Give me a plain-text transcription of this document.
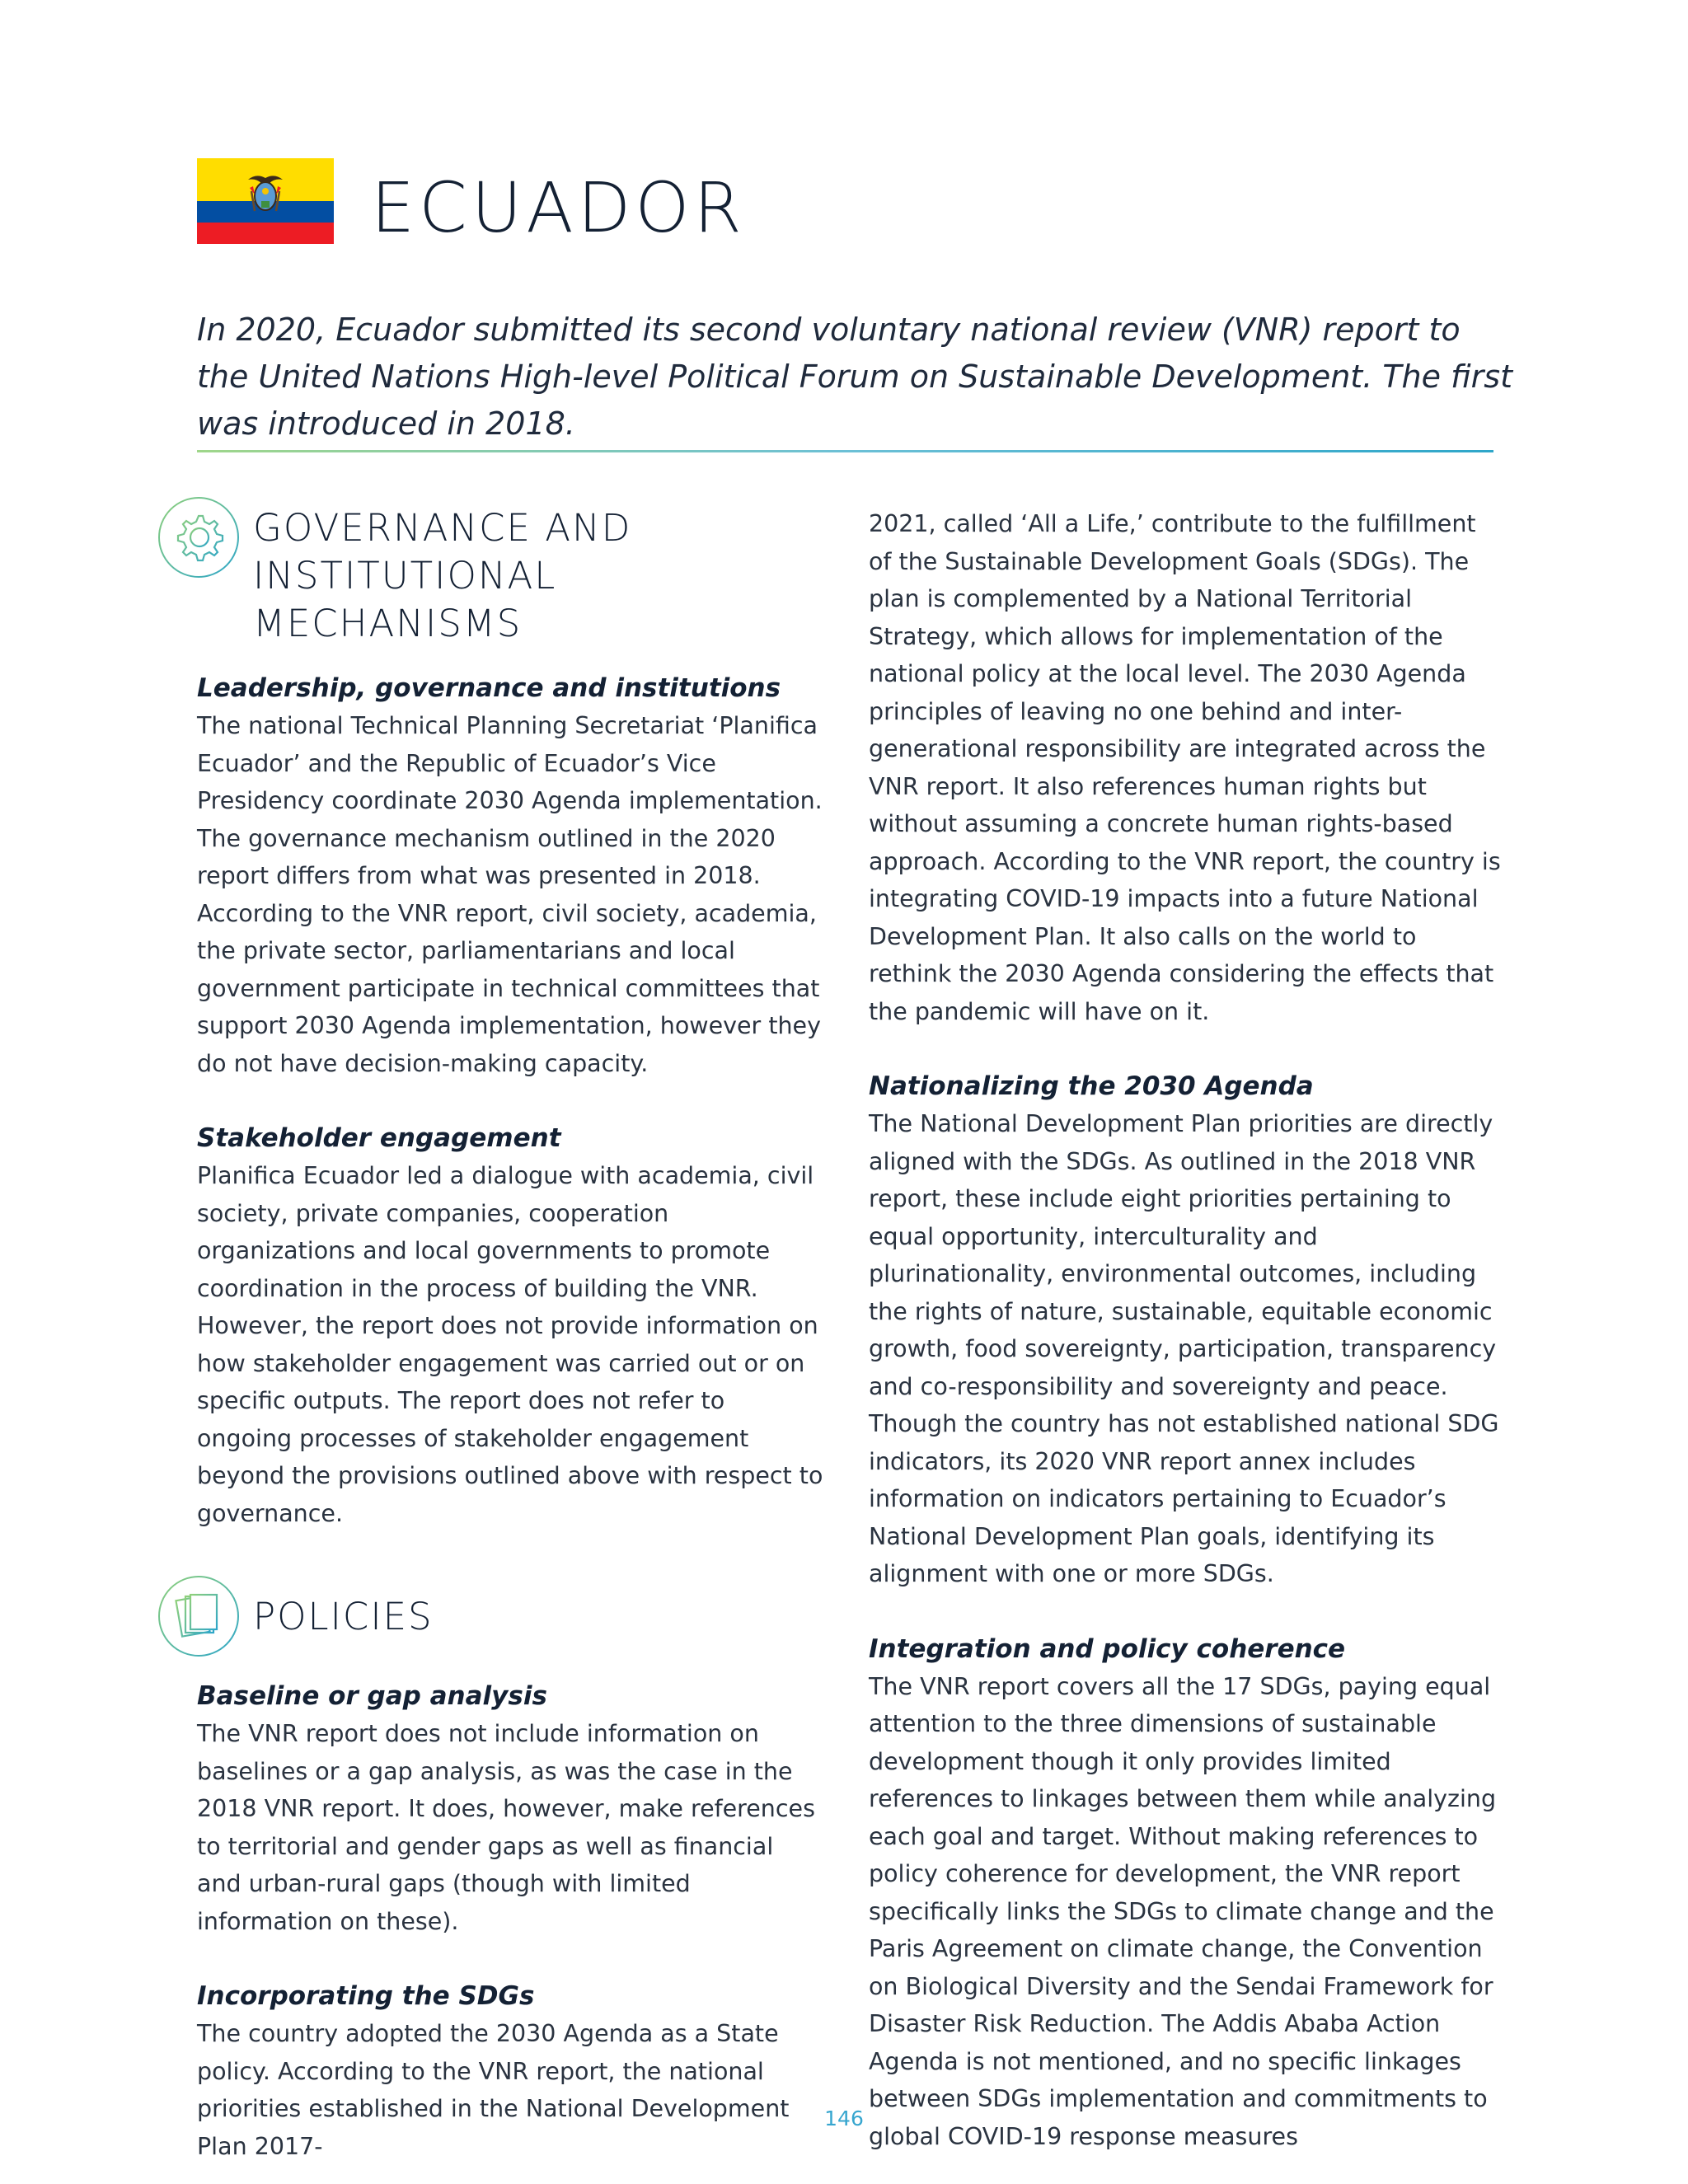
ECUADOR

In 2020, Ecuador submitted its second voluntary national review (VNR) report to the United Nations High-level Political Forum on Sustainable Development. The first was introduced in 2018.

GOVERNANCE AND
INSTITUTIONAL MECHANISMS
Leadership, governance and institutions

The national Technical Planning Secretariat ‘Planifica Ecuador’ and the Republic of Ecuador’s Vice Presidency coordinate 2030 Agenda implementation. The governance mechanism outlined in the 2020 report differs from what was presented in 2018. According to the VNR report, civil society, academia, the private sector, parliamentarians and local government participate in technical committees that support 2030 Agenda implementation, however they do not have decision-making capacity.

Stakeholder engagement

Planifica Ecuador led a dialogue with academia, civil society, private companies, cooperation organizations and local governments to promote coordination in the process of building the VNR. However, the report does not provide information on how stakeholder engagement was carried out or on specific outputs. The report does not refer to ongoing processes of stakeholder engagement beyond the provisions outlined above with respect to governance.

POLICIES
Baseline or gap analysis

The VNR report does not include information on baselines or a gap analysis, as was the case in the 2018 VNR report. It does, however, make references to territorial and gender gaps as well as financial and urban-rural gaps (though with limited information on these).

Incorporating the SDGs

The country adopted the 2030 Agenda as a State policy. According to the VNR report, the national priorities established in the National Development Plan 2017-

2021, called ‘All a Life,’ contribute to the fulfillment of the Sustainable Development Goals (SDGs). The plan is complemented by a National Territorial Strategy, which allows for implementation of the national policy at the local level. The 2030 Agenda principles of leaving no one behind and inter-generational responsibility are integrated across the VNR report. It also references human rights but without assuming a concrete human rights-based approach. According to the VNR report, the country is integrating COVID-19 impacts into a future National Development Plan. It also calls on the world to rethink the 2030 Agenda considering the effects that the pandemic will have on it.

Nationalizing the 2030 Agenda

The National Development Plan priorities are directly aligned with the SDGs. As outlined in the 2018 VNR report, these include eight priorities pertaining to equal opportunity, interculturality and plurinationality, environmental outcomes, including the rights of nature, sustainable, equitable economic growth, food sovereignty, participation, transparency and co-responsibility and sovereignty and peace. Though the country has not established national SDG indicators, its 2020 VNR report annex includes information on indicators pertaining to Ecuador’s National Development Plan goals, identifying its alignment with one or more SDGs.

Integration and policy coherence

The VNR report covers all the 17 SDGs, paying equal attention to the three dimensions of sustainable development though it only provides limited references to linkages between them while analyzing each goal and target. Without making references to policy coherence for development, the VNR report specifically links the SDGs to climate change and the Paris Agreement on climate change, the Convention on Biological Diversity and the Sendai Framework for Disaster Risk Reduction. The Addis Ababa Action Agenda is not mentioned, and no specific linkages between SDGs implementation and commitments to global COVID-19 response measures

146
